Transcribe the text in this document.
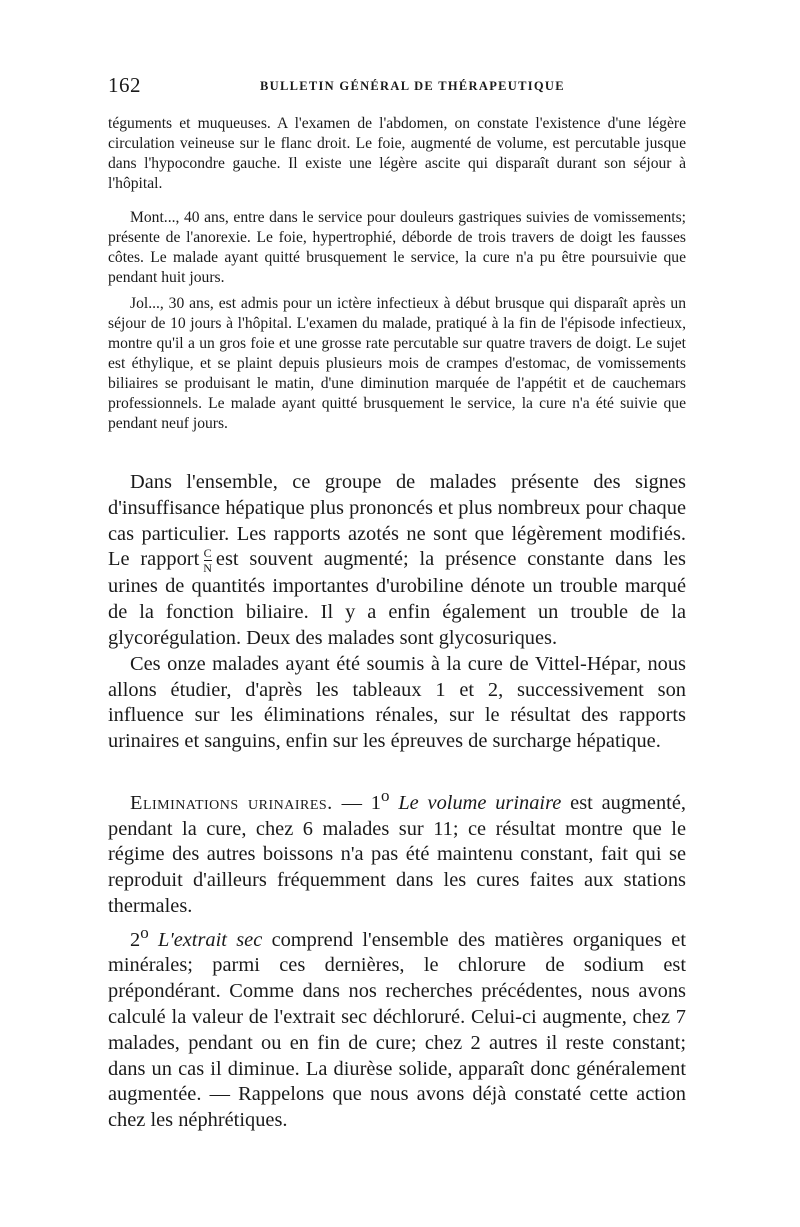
162	BULLETIN GÉNÉRAL DE THÉRAPEUTIQUE

téguments et muqueuses. A l'examen de l'abdomen, on constate l'existence d'une légère circulation veineuse sur le flanc droit. Le foie, augmenté de volume, est percutable jusque dans l'hypocondre gauche. Il existe une légère ascite qui disparaît durant son séjour à l'hôpital.

Mont..., 40 ans, entre dans le service pour douleurs gastriques suivies de vomissements; présente de l'anorexie. Le foie, hypertrophié, déborde de trois travers de doigt les fausses côtes. Le malade ayant quitté brusquement le service, la cure n'a pu être poursuivie que pendant huit jours.

Jol..., 30 ans, est admis pour un ictère infectieux à début brusque qui disparaît après un séjour de 10 jours à l'hôpital. L'examen du malade, pratiqué à la fin de l'épisode infectieux, montre qu'il a un gros foie et une grosse rate percutable sur quatre travers de doigt. Le sujet est éthylique, et se plaint depuis plusieurs mois de crampes d'estomac, de vomissements biliaires se produisant le matin, d'une diminution marquée de l'appétit et de cauchemars professionnels. Le malade ayant quitté brusquement le service, la cure n'a été suivie que pendant neuf jours.

Dans l'ensemble, ce groupe de malades présente des signes d'insuffisance hépatique plus prononcés et plus nombreux pour chaque cas particulier. Les rapports azotés ne sont que légèrement modifiés. Le rapport $\frac{C}{N}$ est souvent augmenté; la présence constante dans les urines de quantités importantes d'urobiline dénote un trouble marqué de la fonction biliaire. Il y a enfin également un trouble de la glycorégulation. Deux des malades sont glycosuriques.

Ces onze malades ayant été soumis à la cure de Vittel-Hépar, nous allons étudier, d'après les tableaux 1 et 2, successivement son influence sur les éliminations rénales, sur le résultat des rapports urinaires et sanguins, enfin sur les épreuves de surcharge hépatique.

Eliminations urinaires. — 1$^o$ Le volume urinaire est augmenté, pendant la cure, chez 6 malades sur 11; ce résultat montre que le régime des autres boissons n'a pas été maintenu constant, fait qui se reproduit d'ailleurs fréquemment dans les cures faites aux stations thermales.

2$^o$ L'extrait sec comprend l'ensemble des matières organiques et minérales; parmi ces dernières, le chlorure de sodium est prépondérant. Comme dans nos recherches précédentes, nous avons calculé la valeur de l'extrait sec déchloruré. Celui-ci augmente, chez 7 malades, pendant ou en fin de cure; chez 2 autres il reste constant; dans un cas il diminue. La diurèse solide, apparaît donc généralement augmentée. — Rappelons que nous avons déjà constaté cette action chez les néphrétiques.
